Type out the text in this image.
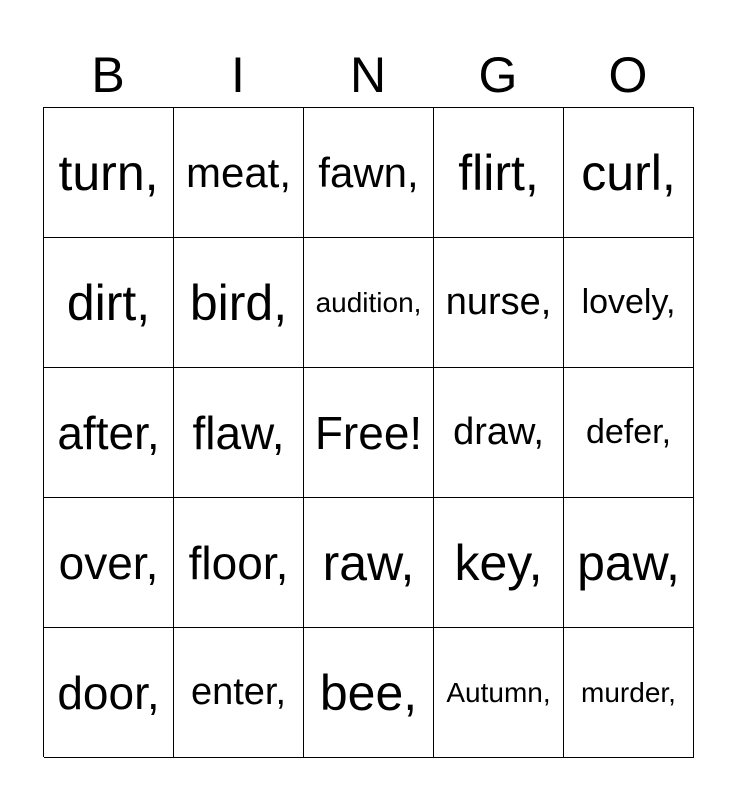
B	I	N	G	O
turn, meat, fawn, flirt, curl,
dirt, bird,	audition, nurse, lovely,
after, flaw, Free! draw,	defer,
over, floor, raw, key, paw,
door, enter, bee,	Autumn,	murder,
